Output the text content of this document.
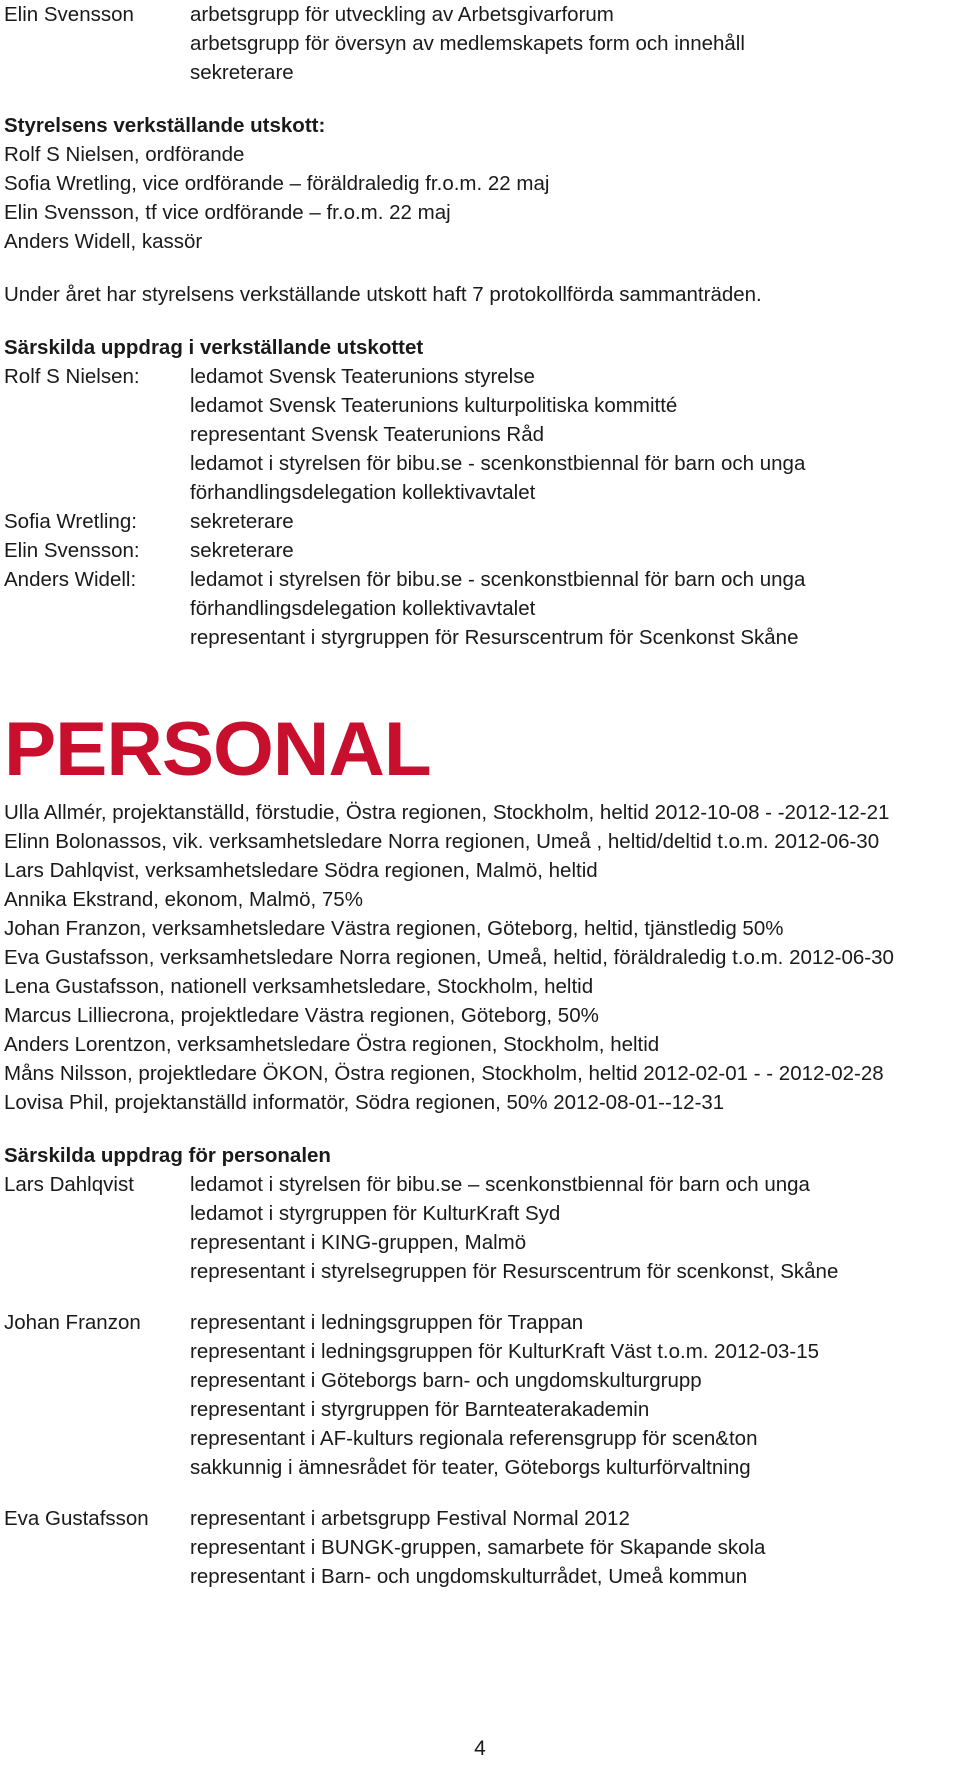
Elin Svensson	arbetsgrupp för utveckling av Arbetsgivarforum
arbetsgrupp för översyn av medlemskapets form och innehåll
sekreterare
Styrelsens verkställande utskott:
Rolf S Nielsen, ordförande
Sofia Wretling, vice ordförande – föräldraledig fr.o.m. 22 maj
Elin Svensson, tf vice ordförande – fr.o.m. 22 maj
Anders Widell, kassör
Under året har styrelsens verkställande utskott haft 7 protokollförda sammanträden.
Särskilda uppdrag i verkställande utskottet
Rolf S Nielsen:	ledamot Svensk Teaterunions styrelse
ledamot Svensk Teaterunions kulturpolitiska kommitté
representant Svensk Teaterunions Råd
ledamot i styrelsen för bibu.se - scenkonstbiennal för barn och unga
förhandlingsdelegation kollektivavtalet
Sofia Wretling:	sekreterare
Elin Svensson:	sekreterare
Anders Widell:	ledamot i styrelsen för bibu.se - scenkonstbiennal för barn och unga
förhandlingsdelegation kollektivavtalet
representant i styrgruppen för Resurscentrum för Scenkonst Skåne
PERSONAL
Ulla Allmér, projektanställd, förstudie, Östra regionen, Stockholm, heltid 2012-10-08 - -2012-12-21
Elinn Bolonassos, vik. verksamhetsledare Norra regionen, Umeå , heltid/deltid t.o.m. 2012-06-30
Lars Dahlqvist, verksamhetsledare Södra regionen, Malmö, heltid
Annika Ekstrand, ekonom, Malmö, 75%
Johan Franzon, verksamhetsledare Västra regionen, Göteborg, heltid, tjänstledig 50%
Eva Gustafsson, verksamhetsledare Norra regionen, Umeå, heltid, föräldraledig t.o.m. 2012-06-30
Lena Gustafsson, nationell verksamhetsledare, Stockholm, heltid
Marcus Lilliecrona, projektledare Västra regionen, Göteborg, 50%
Anders Lorentzon, verksamhetsledare Östra regionen, Stockholm, heltid
Måns Nilsson, projektledare ÖKON, Östra regionen, Stockholm, heltid 2012-02-01 - - 2012-02-28
Lovisa Phil, projektanställd informatör, Södra regionen, 50% 2012-08-01--12-31
Särskilda uppdrag för personalen
Lars Dahlqvist	ledamot i styrelsen för bibu.se – scenkonstbiennal för barn och unga
ledamot i styrgruppen för KulturKraft Syd
representant i KING-gruppen, Malmö
representant i styrelsegruppen för Resurscentrum för scenkonst, Skåne
Johan Franzon	representant i ledningsgruppen för Trappan
representant i ledningsgruppen för KulturKraft Väst t.o.m. 2012-03-15
representant i Göteborgs barn- och ungdomskulturgrupp
representant i styrgruppen för Barnteaterakademin
representant i AF-kulturs regionala referensgrupp för scen&ton
sakkunnig i ämnesrådet för teater, Göteborgs kulturförvaltning
Eva Gustafsson	representant i arbetsgrupp Festival Normal 2012
representant i BUNGK-gruppen, samarbete för Skapande skola
representant i Barn- och ungdomskulturrådet, Umeå kommun
4
